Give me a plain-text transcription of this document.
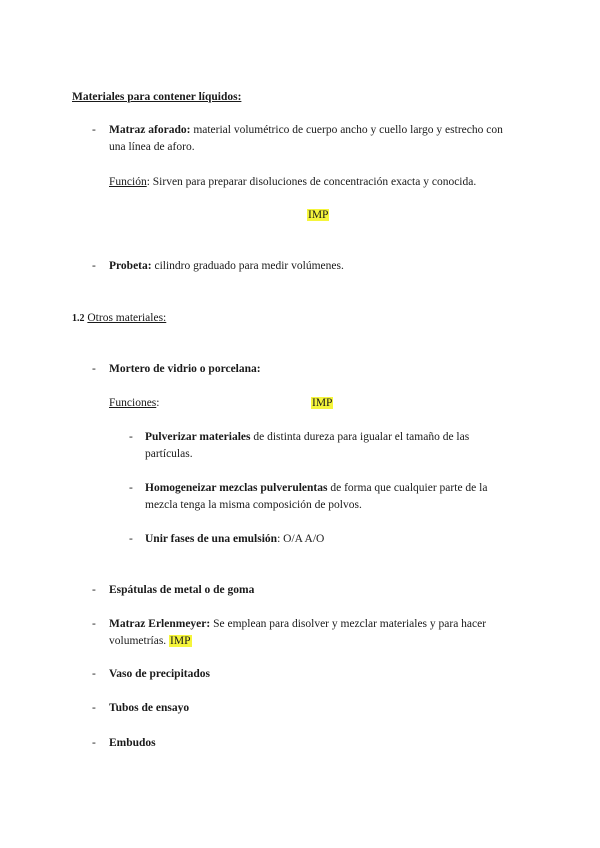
Materiales para contener líquidos:
-	Matraz aforado: material volumétrico de cuerpo ancho y cuello largo y estrecho con
una línea de aforo.
Función: Sirven para preparar disoluciones de concentración exacta y conocida.
IMP
-	Probeta: cilindro graduado para medir volúmenes.
1.2 Otros materiales:
-	Mortero de vidrio o porcelana:
Funciones:	IMP
-	Pulverizar materiales de distinta dureza para igualar el tamaño de las
partículas.
-	Homogeneizar mezclas pulverulentas de forma que cualquier parte de la
mezcla tenga la misma composición de polvos.
-	Unir fases de una emulsión: O/A A/O
-	Espátulas de metal o de goma
-	Matraz Erlenmeyer: Se emplean para disolver y mezclar materiales y para hacer
volumetrías. IMP
-	Vaso de precipitados
-	Tubos de ensayo
-	Embudos
